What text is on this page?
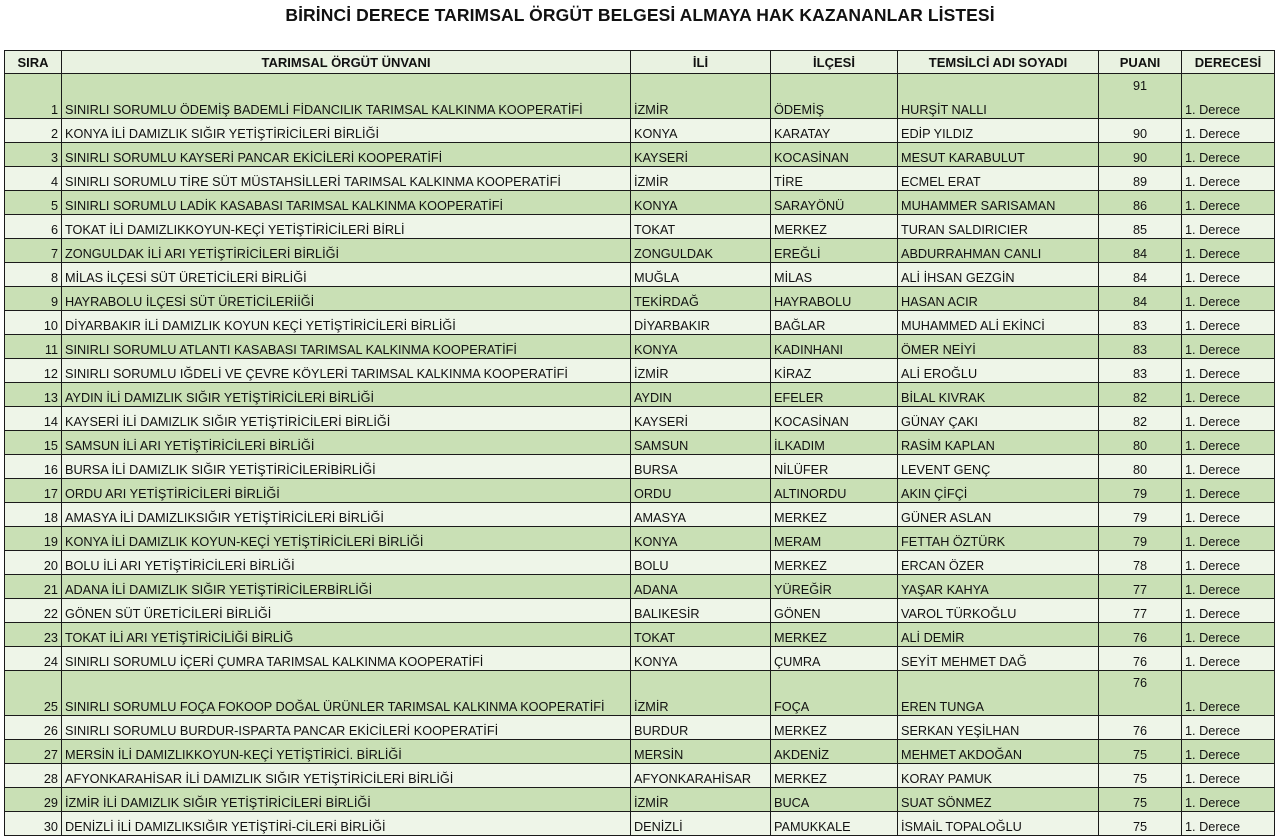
BİRİNCİ DERECE TARIMSAL ÖRGÜT BELGESİ ALMAYA HAK KAZANANLAR LİSTESİ
SIRA	TARIMSAL ÖRGÜT ÜNVANI	İLİ	İLÇESİ	TEMSİLCİ ADI SOYADI	PUANI	DERECESİ
1	SINIRLI SORUMLU ÖDEMİŞ BADEMLİ FİDANCILIK TARIMSAL KALKINMA KOOPERATİFİ	İZMİR	ÖDEMİŞ	HURŞİT NALLI	91	1. Derece
2	KONYA İLİ DAMIZLIK SIĞIR YETİŞTİRİCİLERİ BİRLİĞİ	KONYA	KARATAY	EDİP YILDIZ	90	1. Derece
3	SINIRLI SORUMLU KAYSERİ PANCAR EKİCİLERİ KOOPERATİFİ	KAYSERİ	KOCASİNAN	MESUT KARABULUT	90	1. Derece
4	SINIRLI SORUMLU TİRE SÜT MÜSTAHSİLLERİ TARIMSAL KALKINMA KOOPERATİFİ	İZMİR	TİRE	ECMEL ERAT	89	1. Derece
5	SINIRLI SORUMLU LADİK KASABASI TARIMSAL KALKINMA KOOPERATİFİ	KONYA	SARAYÖNÜ	MUHAMMER SARISAMAN	86	1. Derece
6	TOKAT İLİ DAMIZLIKKOYUN-KEÇİ YETİŞTİRİCİLERİ BİRLİ	TOKAT	MERKEZ	TURAN SALDIRICIER	85	1. Derece
7	ZONGULDAK İLİ ARI YETİŞTİRİCİLERİ BİRLİĞİ	ZONGULDAK	EREĞLİ	ABDURRAHMAN CANLI	84	1. Derece
8	MİLAS İLÇESİ SÜT ÜRETİCİLERİ BİRLİĞİ	MUĞLA	MİLAS	ALİ İHSAN GEZGİN	84	1. Derece
9	HAYRABOLU İLÇESİ SÜT ÜRETİCİLERİİĞİ	TEKİRDAĞ	HAYRABOLU	HASAN ACIR	84	1. Derece
10	DİYARBAKIR İLİ DAMIZLIK KOYUN KEÇİ YETİŞTİRİCİLERİ BİRLİĞİ	DİYARBAKIR	BAĞLAR	MUHAMMED ALİ EKİNCİ	83	1. Derece
11	SINIRLI SORUMLU ATLANTI KASABASI TARIMSAL KALKINMA KOOPERATİFİ	KONYA	KADINHANI	ÖMER NEİYİ	83	1. Derece
12	SINIRLI SORUMLU IĞDELİ VE ÇEVRE KÖYLERİ TARIMSAL KALKINMA KOOPERATİFİ	İZMİR	KİRAZ	ALİ EROĞLU	83	1. Derece
13	AYDIN İLİ DAMIZLIK SIĞIR YETİŞTİRİCİLERİ BİRLİĞİ	AYDIN	EFELER	BİLAL KIVRAK	82	1. Derece
14	KAYSERİ İLİ DAMIZLIK SIĞIR YETİŞTİRİCİLERİ BİRLİĞİ	KAYSERİ	KOCASİNAN	GÜNAY ÇAKI	82	1. Derece
15	SAMSUN İLİ ARI YETİŞTİRİCİLERİ BİRLİĞİ	SAMSUN	İLKADIM	RASİM KAPLAN	80	1. Derece
16	BURSA İLİ DAMIZLIK SIĞIR YETİŞTİRİCİLERİBİRLİĞİ	BURSA	NİLÜFER	LEVENT GENÇ	80	1. Derece
17	ORDU ARI YETİŞTİRİCİLERİ BİRLİĞİ	ORDU	ALTINORDU	AKIN ÇİFÇİ	79	1. Derece
18	AMASYA İLİ DAMIZLIKSIĞIR YETİŞTİRİCİLERİ BİRLİĞİ	AMASYA	MERKEZ	GÜNER ASLAN	79	1. Derece
19	KONYA İLİ DAMIZLIK KOYUN-KEÇİ YETİŞTİRİCİLERİ BİRLİĞİ	KONYA	MERAM	FETTAH ÖZTÜRK	79	1. Derece
20	BOLU İLİ ARI YETİŞTİRİCİLERİ BİRLİĞİ	BOLU	MERKEZ	ERCAN ÖZER	78	1. Derece
21	ADANA İLİ DAMIZLIK SIĞIR YETİŞTİRİCİLERBİRLİĞİ	ADANA	YÜREĞİR	YAŞAR KAHYA	77	1. Derece
22	GÖNEN SÜT ÜRETİCİLERİ BİRLİĞİ	BALIKESİR	GÖNEN	VAROL TÜRKOĞLU	77	1. Derece
23	TOKAT İLİ ARI YETİŞTİRİCİLİĞİ BİRLİĞ	TOKAT	MERKEZ	ALİ DEMİR	76	1. Derece
24	SINIRLI SORUMLU İÇERİ ÇUMRA TARIMSAL KALKINMA KOOPERATİFİ	KONYA	ÇUMRA	SEYİT MEHMET DAĞ	76	1. Derece
25	SINIRLI SORUMLU FOÇA FOKOOP DOĞAL ÜRÜNLER TARIMSAL KALKINMA KOOPERATİFİ	İZMİR	FOÇA	EREN TUNGA	76	1. Derece
26	SINIRLI SORUMLU BURDUR-ISPARTA PANCAR EKİCİLERİ KOOPERATİFİ	BURDUR	MERKEZ	SERKAN YEŞİLHAN	76	1. Derece
27	MERSİN İLİ DAMIZLIKKOYUN-KEÇİ YETİŞTİRİCİ. BİRLİĞİ	MERSİN	AKDENİZ	MEHMET AKDOĞAN	75	1. Derece
28	AFYONKARAHİSAR İLİ DAMIZLIK SIĞIR YETİŞTİRİCİLERİ BİRLİĞİ	AFYONKARAHİSAR	MERKEZ	KORAY PAMUK	75	1. Derece
29	İZMİR İLİ DAMIZLIK SIĞIR YETİŞTİRİCİLERİ BİRLİĞİ	İZMİR	BUCA	SUAT SÖNMEZ	75	1. Derece
30	DENİZLİ İLİ DAMIZLIKSIĞIR YETİŞTİRİ-CİLERİ BİRLİĞİ	DENİZLİ	PAMUKKALE	İSMAİL TOPALOĞLU	75	1. Derece
